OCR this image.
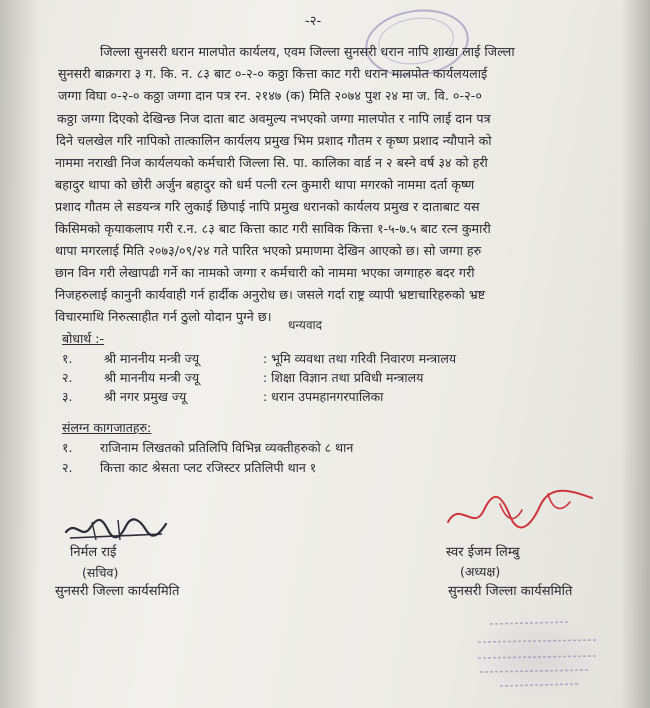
-२-
जिल्ला सुनसरी धरान मालपोत कार्यलय, एवम जिल्ला सुनसरी धरान नापि शाखा लाई जिल्ला
सुनसरी बाक्रगरा ३ ग. कि. न. ८३ बाट ०-२-० कठ्ठा कित्ता काट गरी धरान मालपोत कार्यलयलाई
जग्गा विघा ०-२-० कठ्ठा जग्गा दान पत्र रन. २१४७ (क) मिति २०७४ पुश २४ मा ज. वि. ०-२-०
कठ्ठा जग्गा दिएको देखिन्छ निज दाता बाट अवमुल्य नभएको जग्गा मालपोत र नापि लाई दान पत्र
दिने चलखेल गरि नापिको तात्कालिन कार्यलय प्रमुख भिम प्रशाद गौतम र कृष्ण प्रशाद न्यौपाने को
नाममा नराखी निज कार्यलयको कर्मचारी जिल्ला सि. पा. कालिका वार्ड न २ बस्ने वर्ष ३४ को हरी
बहादुर थापा को छोरी अर्जुन बहादुर को धर्म पत्नी रत्न कुमारी थापा मगरको नाममा दर्ता कृष्ण
प्रशाद गौतम ले सडयन्त्र गरि लुकाई छिपाई नापि प्रमुख धरानको कार्यलय प्रमुख र दाताबाट यस
किसिमको कृयाकलाप गरी र.न. ८३ बाट कित्ता काट गरी साविक कित्ता १-५-७.५ बाट रत्न कुमारी
थापा मगरलाई मिति २०७३/०९/२४ गते पारित भएको प्रमाणमा देखिन आएको छ। सो जग्गा हरु
छान विन गरी लेखापढी गर्ने का नामको जग्गा र कर्मचारी को नाममा भएका जग्गाहरु बदर गरी
निजहरुलाई कानुनी कार्यवाही गर्न हार्दीक अनुरोध छ। जसले गर्दा राष्ट्र व्यापी भ्रष्टाचारिहरुको भ्रष्ट
विचारमाथि निरुत्साहीत गर्न ठुलो योदान पुग्ने छ।
धन्यवाद
बोधार्थ :-
१.	श्री माननीय मन्त्री ज्यू	: भूमि व्यवथा तथा गरिवी निवारण मन्त्रालय
२.	श्री माननीय मन्त्री ज्यू	: शिक्षा विज्ञान तथा प्रविधी मन्त्रालय
३.	श्री नगर प्रमुख ज्यू	: धरान उपमहानगरपालिका
संलग्न कागजातहरु:
१. राजिनाम लिखतको प्रतिलिपि विभिन्न व्यक्तीहरुको ८ थान
२. कित्ता काट श्रेसता प्लट रजिस्टर प्रतिलिपी थान १
निर्मल राई
(सचिव)
सुनसरी जिल्ला कार्यसमिति
स्वर ईजम लिम्बु
(अध्यक्ष)
सुनसरी जिल्ला कार्यसमिति
